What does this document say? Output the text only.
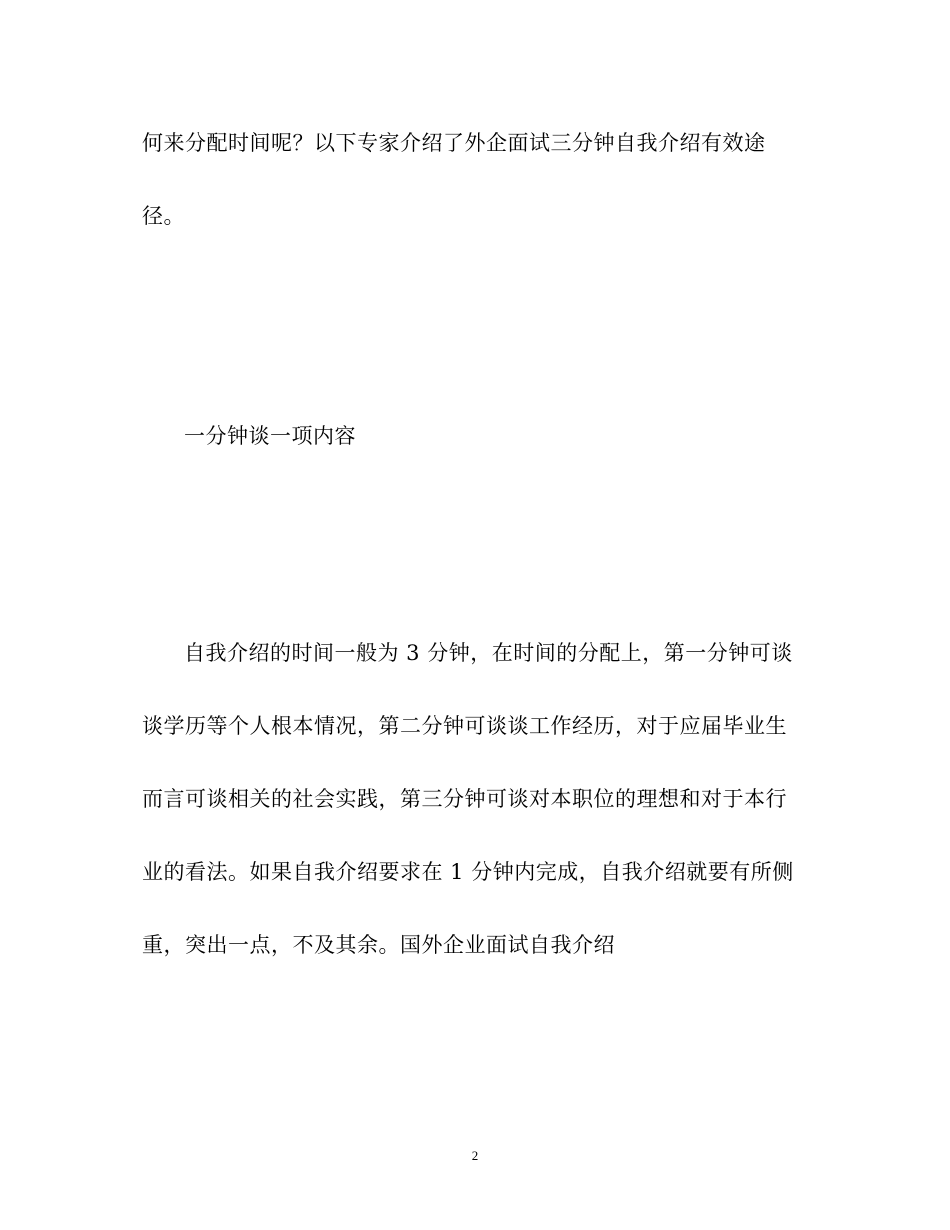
何来分配时间呢？以下专家介绍了外企面试三分钟自我介绍有效途
径。
一分钟谈一项内容
自我介绍的时间一般为 3 分钟，在时间的分配上，第一分钟可谈
谈学历等个人根本情况，第二分钟可谈谈工作经历，对于应届毕业生
而言可谈相关的社会实践，第三分钟可谈对本职位的理想和对于本行
业的看法。如果自我介绍要求在 1 分钟内完成，自我介绍就要有所侧
重，突出一点，不及其余。国外企业面试自我介绍
2
